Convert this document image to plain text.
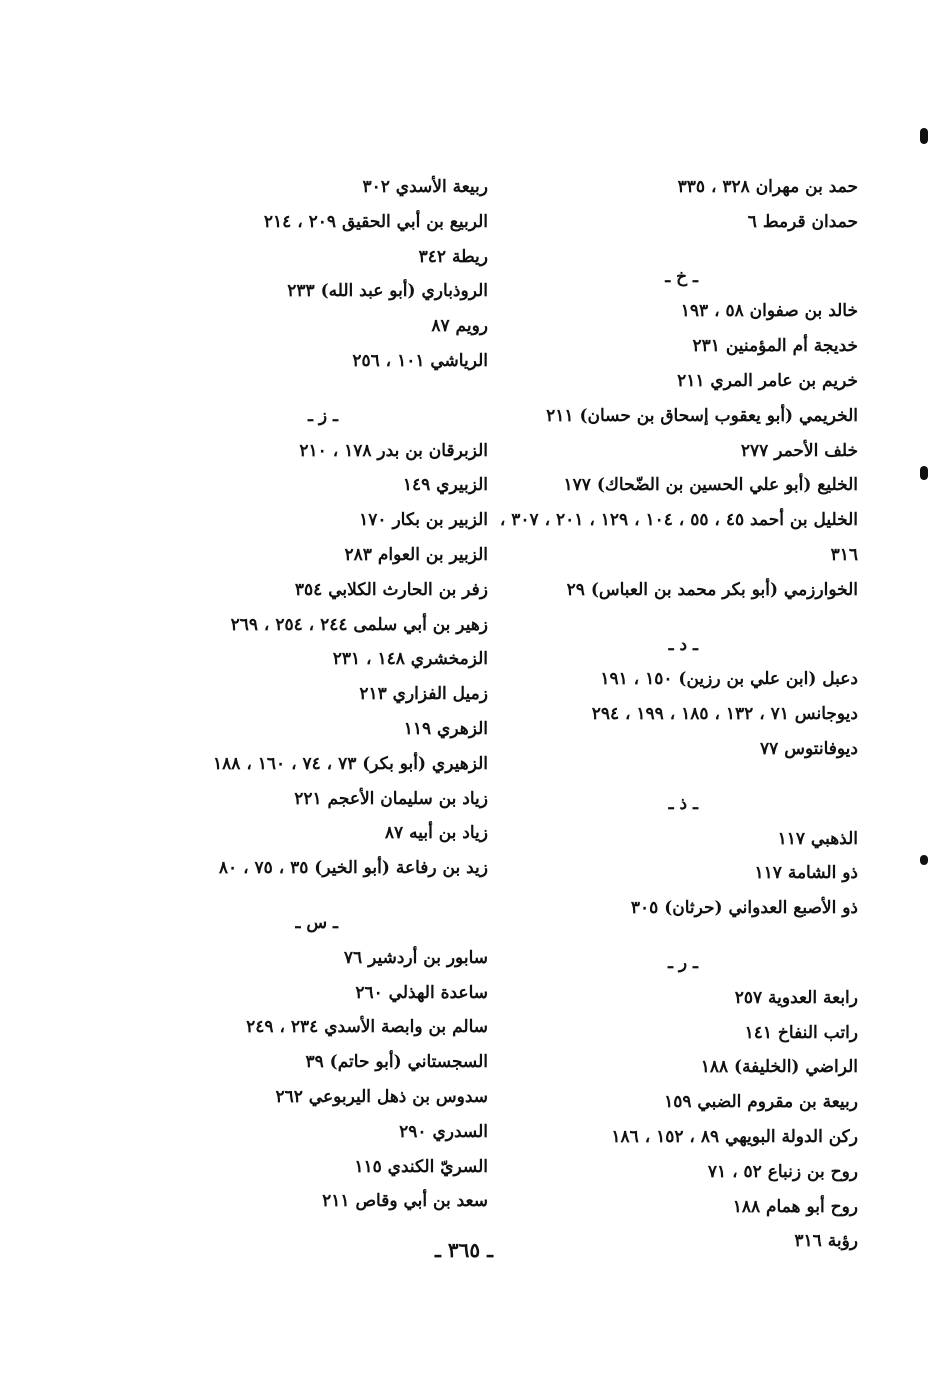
حمد بن مهران ٣٢٨ ، ٣٣٥
حمدان قرمط ٦
ـ خ ـ
خالد بن صفوان ٥٨ ، ١٩٣
خديجة أم المؤمنين ٢٣١
خريم بن عامر المري ٢١١
الخريمي (أبو يعقوب إسحاق بن حسان) ٢١١
خلف الأحمر ٢٧٧
الخليع (أبو علي الحسين بن الضّحاك) ١٧٧
الخليل بن أحمد ٤٥ ، ٥٥ ، ١٠٤ ، ١٢٩ ، ٢٠١ ، ٣٠٧ ،
٣١٦
الخوارزمي (أبو بكر محمد بن العباس) ٢٩
ـ د ـ
دعبل (ابن علي بن رزين) ١٥٠ ، ١٩١
ديوجانس ٧١ ، ١٣٢ ، ١٨٥ ، ١٩٩ ، ٢٩٤
ديوفانتوس ٧٧
ـ ذ ـ
الذهبي ١١٧
ذو الشامة ١١٧
ذو الأصبع العدواني (حرثان) ٣٠٥
ـ ر ـ
رابعة العدوية ٢٥٧
راتب النفاخ ١٤١
الراضي (الخليفة) ١٨٨
ربيعة بن مقروم الضبي ١٥٩
ركن الدولة البويهي ٨٩ ، ١٥٢ ، ١٨٦
روح بن زنباع ٥٢ ، ٧١
روح أبو همام ١٨٨
رؤبة ٣١٦
ربيعة الأسدي ٣٠٢
الربيع بن أبي الحقيق ٢٠٩ ، ٢١٤
ريطة ٣٤٢
الروذباري (أبو عبد الله) ٢٣٣
رويم ٨٧
الرياشي ١٠١ ، ٢٥٦
ـ ز ـ
الزبرقان بن بدر ١٧٨ ، ٢١٠
الزبيري ١٤٩
الزبير بن بكار ١٧٠
الزبير بن العوام ٢٨٣
زفر بن الحارث الكلابي ٣٥٤
زهير بن أبي سلمى ٢٤٤ ، ٢٥٤ ، ٢٦٩
الزمخشري ١٤٨ ، ٢٣١
زميل الفزاري ٢١٣
الزهري ١١٩
الزهيري (أبو بكر) ٧٣ ، ٧٤ ، ١٦٠ ، ١٨٨
زياد بن سليمان الأعجم ٢٢١
زياد بن أبيه ٨٧
زيد بن رفاعة (أبو الخير) ٣٥ ، ٧٥ ، ٨٠
ـ س ـ
سابور بن أردشير ٧٦
ساعدة الهذلي ٢٦٠
سالم بن وابصة الأسدي ٢٣٤ ، ٢٤٩
السجستاني (أبو حاتم) ٣٩
سدوس بن ذهل اليربوعي ٢٦٢
السدري ٢٩٠
السريّ الكندي ١١٥
سعد بن أبي وقاص ٢١١
ـ ٣٦٥ ـ
